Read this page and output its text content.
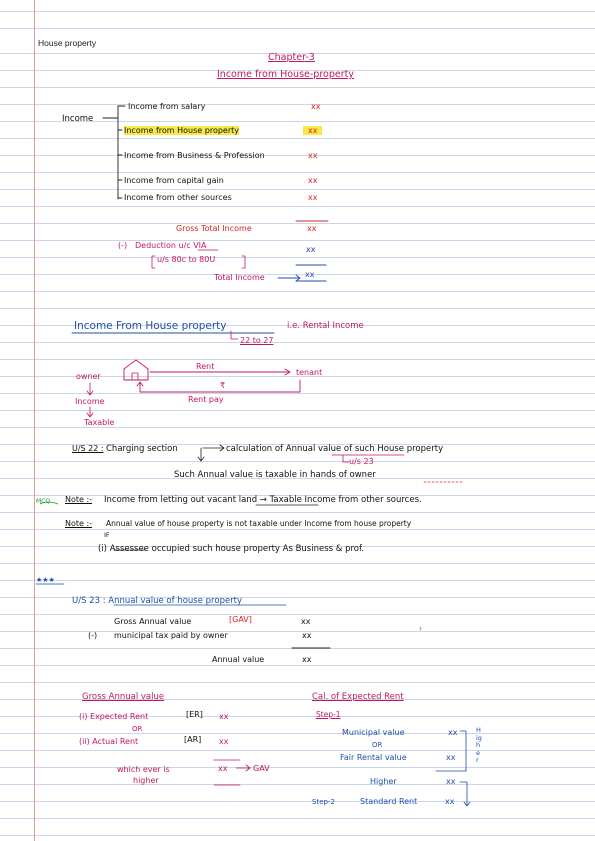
House property
Chapter-3
Income from House-property
Income
Income from salary	xx
Income from House property	xx
Income from Business & Profession	xx
Income from capital gain	xx
Income from other sources	xx
Gross Total Income	xx
(-) Deduction u/c VIA	xx
u/s 80c to 80U
Total Income	xx
Income From House property	i.e. Rental Income
22 to 27
owner
Income
Taxable
Rent
tenant
₹
Rent pay
U/S 22 : Charging section	calculation of Annual value of such House property
u/s 23
Such Annual value is taxable in hands of owner
MCQ Note :- Income from letting out vacant land → Taxable Income from other sources.
Note :- Annual value of house property is not taxable under Income from house property
IF
(i) Assessee occupied such house property As Business & prof.
★★★
U/S 23 : Annual value of house property
Gross Annual value	[GAV]	xx
(-) municipal tax paid by owner	xx
Annual value	xx
?
Gross Annual value
(i) Expected Rent	[ER] xx
OR
(ii) Actual Rent	[AR] xx
which ever is
higher
xx	GAV
Cal. of Expected Rent
Step-1
Municipal value	xx
OR
Fair Rental value	xx
Higher	xx
Step-2	Standard Rent	xx
Higher
